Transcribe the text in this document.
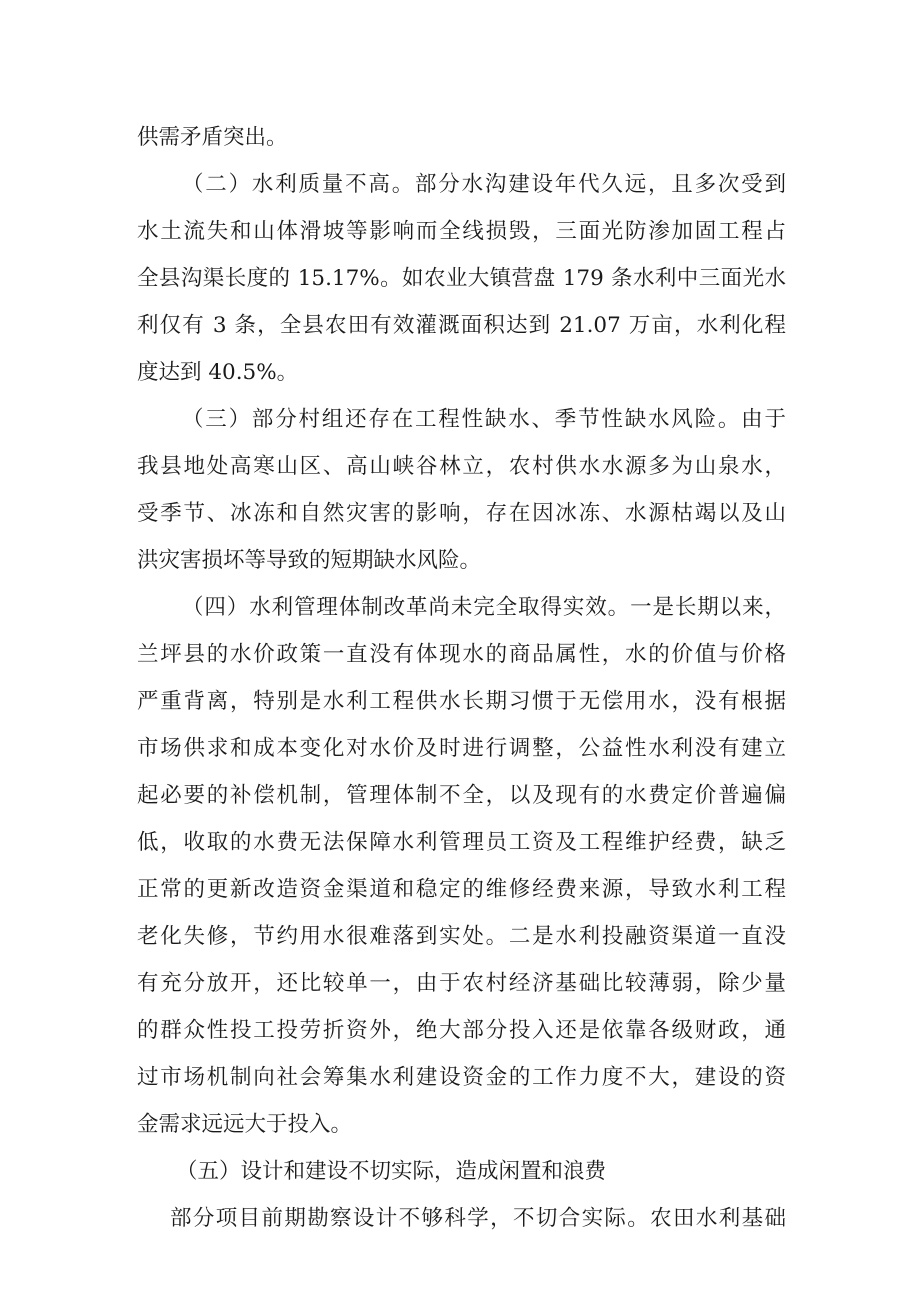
供需矛盾突出。
（二）水利质量不高。部分水沟建设年代久远，且多次受到
水土流失和山体滑坡等影响而全线损毁，三面光防渗加固工程占
全县沟渠长度的 15.17%。如农业大镇营盘 179 条水利中三面光水
利仅有 3 条，全县农田有效灌溉面积达到 21.07 万亩，水利化程
度达到 40.5%。
（三）部分村组还存在工程性缺水、季节性缺水风险。由于
我县地处高寒山区、高山峡谷林立，农村供水水源多为山泉水，
受季节、冰冻和自然灾害的影响，存在因冰冻、水源枯竭以及山
洪灾害损坏等导致的短期缺水风险。
（四）水利管理体制改革尚未完全取得实效。一是长期以来，
兰坪县的水价政策一直没有体现水的商品属性，水的价值与价格
严重背离，特别是水利工程供水长期习惯于无偿用水，没有根据
市场供求和成本变化对水价及时进行调整，公益性水利没有建立
起必要的补偿机制，管理体制不全，以及现有的水费定价普遍偏
低，收取的水费无法保障水利管理员工资及工程维护经费，缺乏
正常的更新改造资金渠道和稳定的维修经费来源，导致水利工程
老化失修，节约用水很难落到实处。二是水利投融资渠道一直没
有充分放开，还比较单一，由于农村经济基础比较薄弱，除少量
的群众性投工投劳折资外，绝大部分投入还是依靠各级财政，通
过市场机制向社会筹集水利建设资金的工作力度不大，建设的资
金需求远远大于投入。
（五）设计和建设不切实际，造成闲置和浪费
部分项目前期勘察设计不够科学，不切合实际。农田水利基础
